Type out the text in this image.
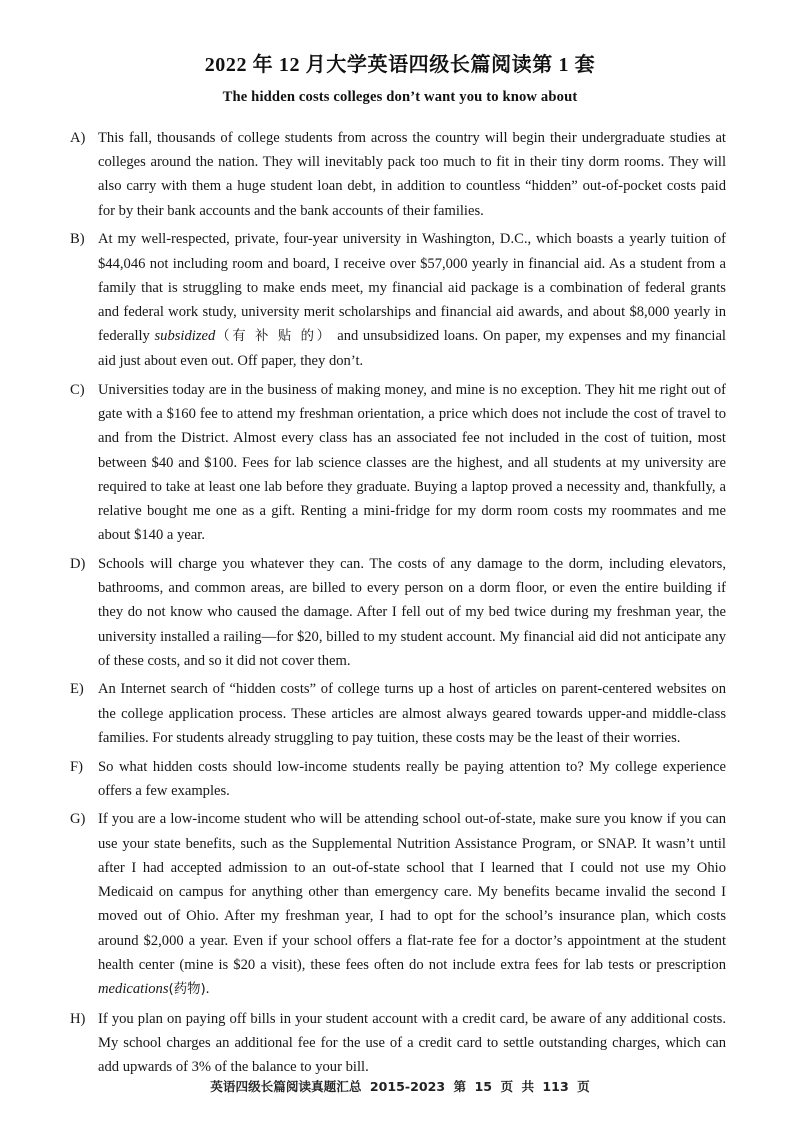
2022 年 12 月大学英语四级长篇阅读第 1 套
The hidden costs colleges don’t want you to know about
A) This fall, thousands of college students from across the country will begin their undergraduate studies at colleges around the nation. They will inevitably pack too much to fit in their tiny dorm rooms. They will also carry with them a huge student loan debt, in addition to countless “hidden” out-of-pocket costs paid for by their bank accounts and the bank accounts of their families.
B) At my well-respected, private, four-year university in Washington, D.C., which boasts a yearly tuition of $44,046 not including room and board, I receive over $57,000 yearly in financial aid. As a student from a family that is struggling to make ends meet, my financial aid package is a combination of federal grants and federal work study, university merit scholarships and financial aid awards, and about $8,000 yearly in federally subsidized（有 补 贴 的） and unsubsidized loans. On paper, my expenses and my financial aid just about even out. Off paper, they don’t.
C) Universities today are in the business of making money, and mine is no exception. They hit me right out of gate with a $160 fee to attend my freshman orientation, a price which does not include the cost of travel to and from the District. Almost every class has an associated fee not included in the cost of tuition, most between $40 and $100. Fees for lab science classes are the highest, and all students at my university are required to take at least one lab before they graduate. Buying a laptop proved a necessity and, thankfully, a relative bought me one as a gift. Renting a mini-fridge for my dorm room costs my roommates and me about $140 a year.
D) Schools will charge you whatever they can. The costs of any damage to the dorm, including elevators, bathrooms, and common areas, are billed to every person on a dorm floor, or even the entire building if they do not know who caused the damage. After I fell out of my bed twice during my freshman year, the university installed a railing—for $20, billed to my student account. My financial aid did not anticipate any of these costs, and so it did not cover them.
E) An Internet search of “hidden costs” of college turns up a host of articles on parent-centered websites on the college application process. These articles are almost always geared towards upper-and middle-class families. For students already struggling to pay tuition, these costs may be the least of their worries.
F)	So what hidden costs should low-income students really be paying attention to? My college experience offers a few examples.
G) If you are a low-income student who will be attending school out-of-state, make sure you know if you can use your state benefits, such as the Supplemental Nutrition Assistance Program, or SNAP. It wasn’t until after I had accepted admission to an out-of-state school that I learned that I could not use my Ohio Medicaid on campus for anything other than emergency care. My benefits became invalid the second I moved out of Ohio. After my freshman year, I had to opt for the school’s insurance plan, which costs around $2,000 a year. Even if your school offers a flat-rate fee for a doctor’s appointment at the student health center (mine is $20 a visit), these fees often do not include extra fees for lab tests or prescription medications(药物).
H) If you plan on paying off bills in your student account with a credit card, be aware of any additional costs. My school charges an additional fee for the use of a credit card to settle outstanding charges, which can add upwards of 3% of the balance to your bill.
英语四级长篇阅读真题汇总 2015-2023 第 15 页 共 113 页
